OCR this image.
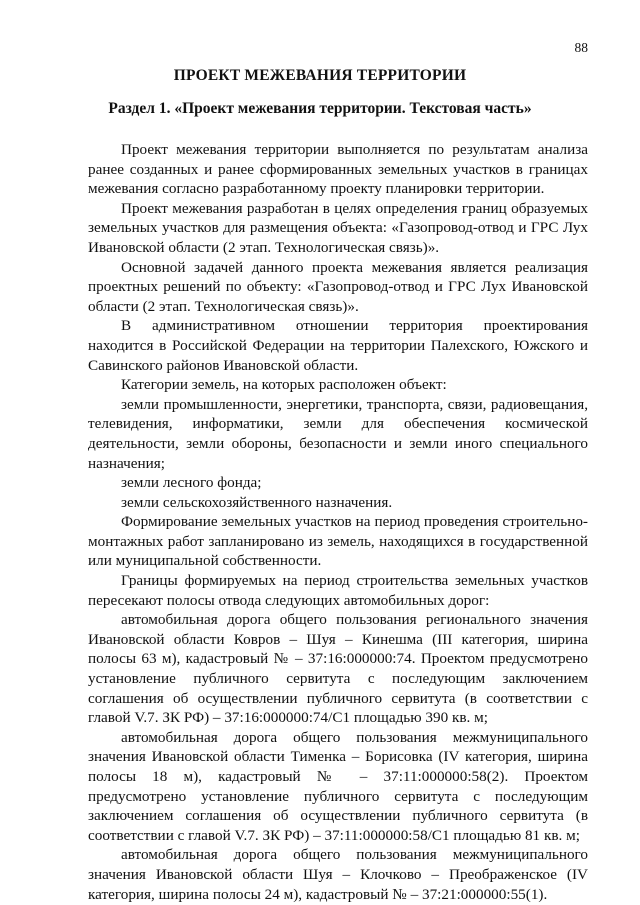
88
ПРОЕКТ МЕЖЕВАНИЯ ТЕРРИТОРИИ
Раздел 1. «Проект межевания территории. Текстовая часть»

Проект межевания территории выполняется по результатам анализа ранее созданных и ранее сформированных земельных участков в границах межевания согласно разработанному проекту планировки территории.

Проект межевания разработан в целях определения границ образуемых земельных участков для размещения объекта: «Газопровод-отвод и ГРС Лух Ивановской области (2 этап. Технологическая связь)».

Основной задачей данного проекта межевания является реализация проектных решений по объекту: «Газопровод-отвод и ГРС Лух Ивановской области (2 этап. Технологическая связь)».

В административном отношении территория проектирования находится в Российской Федерации на территории Палехского, Южского и Савинского районов Ивановской области.

Категории земель, на которых расположен объект:

земли промышленности, энергетики, транспорта, связи, радиовещания, телевидения, информатики, земли для обеспечения космической деятельности, земли обороны, безопасности и земли иного специального назначения;

земли лесного фонда;

земли сельскохозяйственного назначения.

Формирование земельных участков на период проведения строительно-монтажных работ запланировано из земель, находящихся в государственной или муниципальной собственности.

Границы формируемых на период строительства земельных участков пересекают полосы отвода следующих автомобильных дорог:

автомобильная дорога общего пользования регионального значения Ивановской области Ковров – Шуя – Кинешма (III категория, ширина полосы 63 м), кадастровый № – 37:16:000000:74. Проектом предусмотрено установление публичного сервитута с последующим заключением соглашения об осуществлении публичного сервитута (в соответствии с главой V.7. ЗК РФ) – 37:16:000000:74/С1 площадью 390 кв. м;

автомобильная дорога общего пользования межмуниципального значения Ивановской области Тименка – Борисовка (IV категория, ширина полосы 18 м), кадастровый № – 37:11:000000:58(2). Проектом предусмотрено установление публичного сервитута с последующим заключением соглашения об осуществлении публичного сервитута (в соответствии с главой V.7. ЗК РФ) – 37:11:000000:58/С1 площадью 81 кв. м;

автомобильная дорога общего пользования межмуниципального значения Ивановской области Шуя – Клочково – Преображенское (IV категория, ширина полосы 24 м), кадастровый № – 37:21:000000:55(1).
